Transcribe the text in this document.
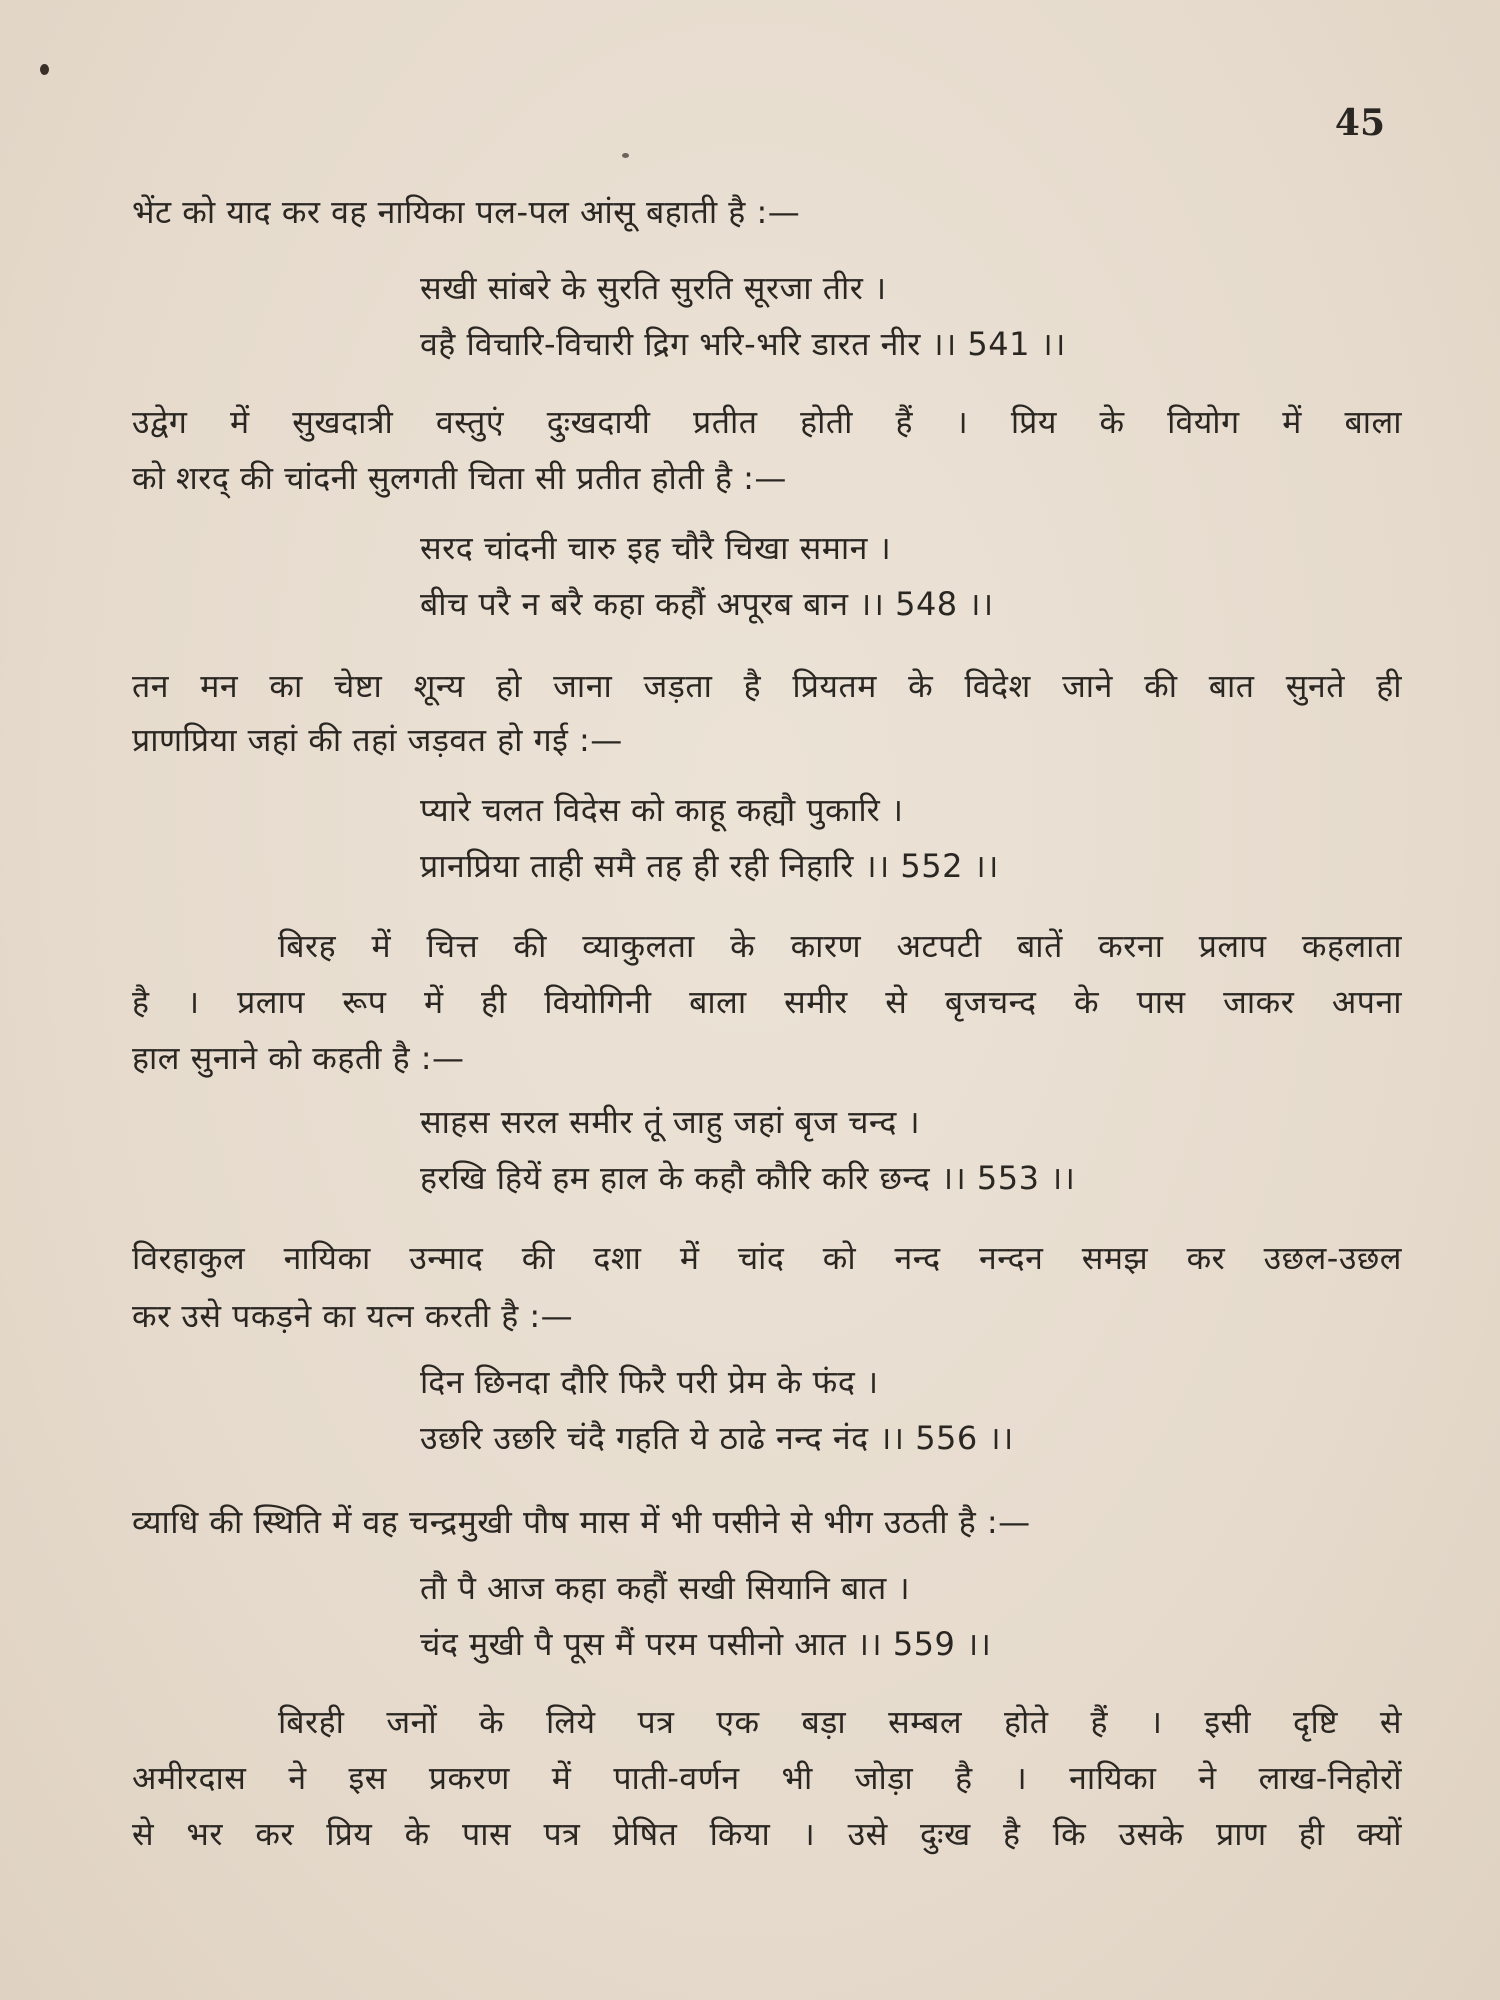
45
भेंट को याद कर वह नायिका पल-पल आंसू बहाती है :—
सखी सांबरे के सुरति सुरति सूरजा तीर ।
वहै विचारि-विचारी द्रिग भरि-भरि डारत नीर ।। 541 ।।
उद्वेग में सुखदात्री वस्तुएं दुःखदायी प्रतीत होती हैं । प्रिय के वियोग में बाला
को शरद् की चांदनी सुलगती चिता सी प्रतीत होती है :—
सरद चांदनी चारु इह चौरै चिखा समान ।
बीच परै न बरै कहा कहौं अपूरब बान ।। 548 ।।
तन मन का चेष्टा शून्य हो जाना जड़ता है प्रियतम के विदेश जाने की बात सुनते ही
प्राणप्रिया जहां की तहां जड़वत हो गई :—
प्यारे चलत विदेस को काहू कह्यौ पुकारि ।
प्रानप्रिया ताही समै तह ही रही निहारि ।। 552 ।।
बिरह में चित्त की व्याकुलता के कारण अटपटी बातें करना प्रलाप कहलाता
है । प्रलाप रूप में ही वियोगिनी बाला समीर से बृजचन्द के पास जाकर अपना
हाल सुनाने को कहती है :—
साहस सरल समीर तूं जाहु जहां बृज चन्द ।
हरखि हियें हम हाल के कहौ कौरि करि छन्द ।। 553 ।।
विरहाकुल नायिका उन्माद की दशा में चांद को नन्द नन्दन समझ कर उछल-उछल
कर उसे पकड़ने का यत्न करती है :—
दिन छिनदा दौरि फिरै परी प्रेम के फंद ।
उछरि उछरि चंदै गहति ये ठाढे नन्द नंद ।। 556 ।।
व्याधि की स्थिति में वह चन्द्रमुखी पौष मास में भी पसीने से भीग उठती है :—
तौ पै आज कहा कहौं सखी सियानि बात ।
चंद मुखी पै पूस मैं परम पसीनो आत ।। 559 ।।
बिरही जनों के लिये पत्र एक बड़ा सम्बल होते हैं । इसी दृष्टि से
अमीरदास ने इस प्रकरण में पाती-वर्णन भी जोड़ा है । नायिका ने लाख-निहोरों
से भर कर प्रिय के पास पत्र प्रेषित किया । उसे दुःख है कि उसके प्राण ही क्यों
